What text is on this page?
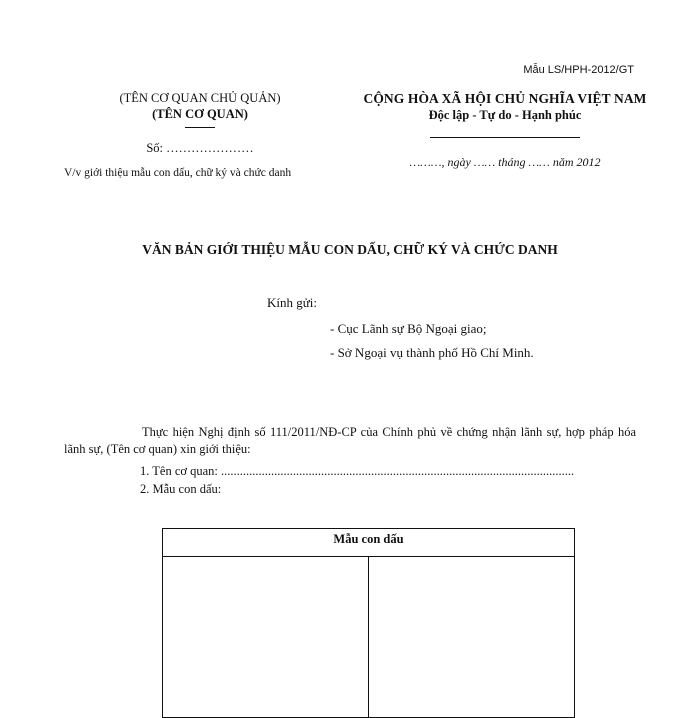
Mẫu LS/HPH-2012/GT
(TÊN CƠ QUAN CHỦ QUẢN)
(TÊN CƠ QUAN)
Số: …………………
V/v giới thiệu mẫu con dấu, chữ ký và chức danh
CỘNG HÒA XÃ HỘI CHỦ NGHĨA VIỆT NAM
Độc lập - Tự do - Hạnh phúc
………, ngày …… tháng …… năm 2012
VĂN BẢN GIỚI THIỆU MẪU CON DẤU, CHỮ KÝ VÀ CHỨC DANH
Kính gửi:
- Cục Lãnh sự Bộ Ngoại giao;
- Sở Ngoại vụ thành phố Hồ Chí Minh.
Thực hiện Nghị định số 111/2011/NĐ-CP của Chính phủ về chứng nhận lãnh sự, hợp pháp hóa lãnh sự, (Tên cơ quan) xin giới thiệu:
1. Tên cơ quan: .................................................................................................................
2. Mẫu con dấu:
Mẫu con dấu
